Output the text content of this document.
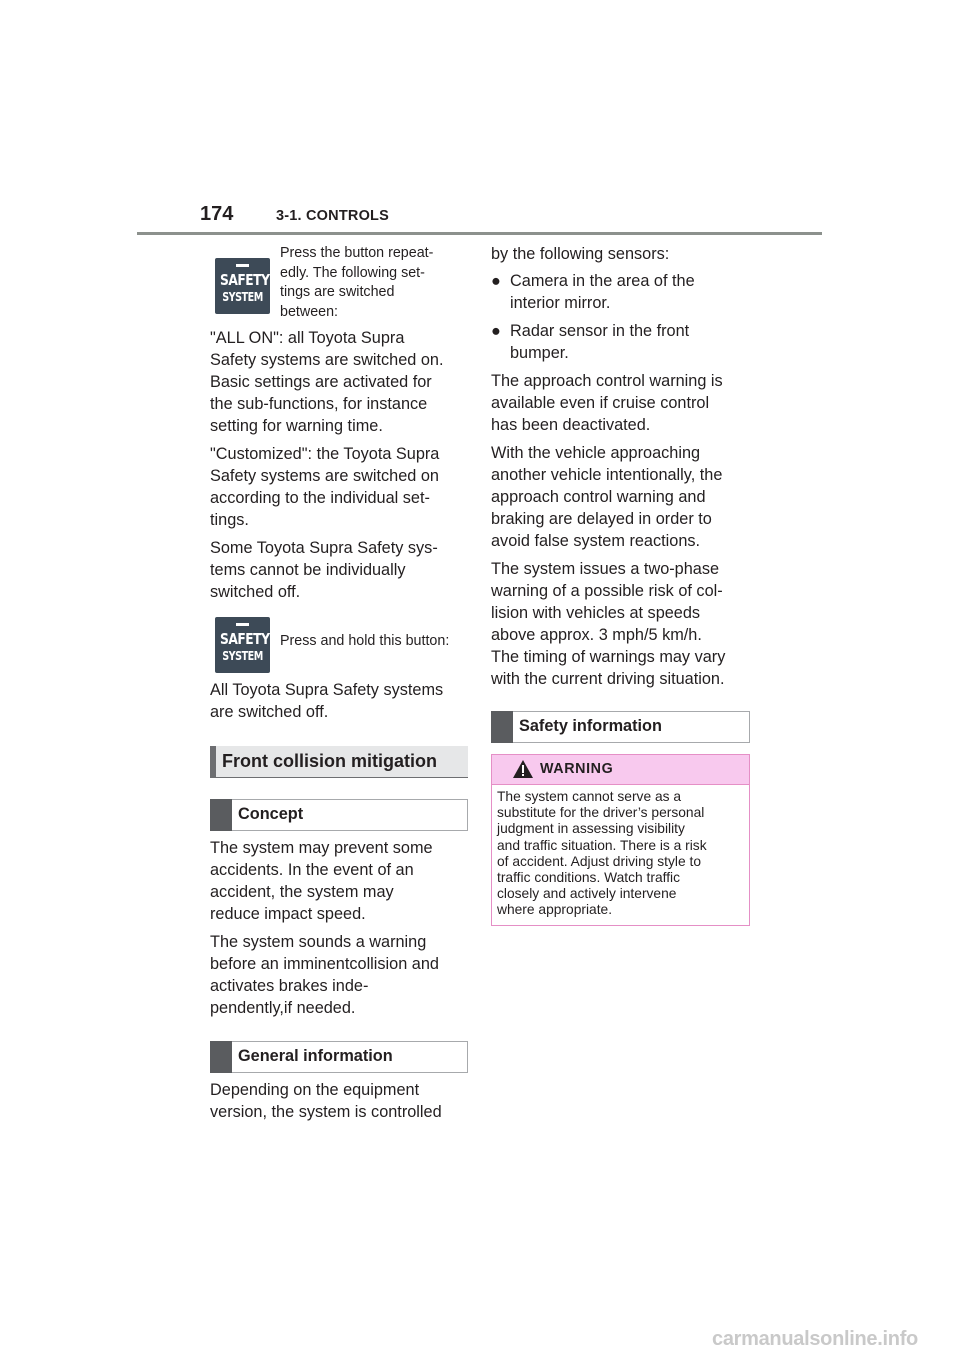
174	3-1. CONTROLS
SAFETY
SYSTEM

Press the button repeat-
edly. The following set-
tings are switched
between:

"ALL ON": all Toyota Supra
Safety systems are switched on.
Basic settings are activated for
the sub-functions, for instance
setting for warning time.

"Customized": the Toyota Supra
Safety systems are switched on
according to the individual set-
tings.

Some Toyota Supra Safety sys-
tems cannot be individually
switched off.

SAFETY
SYSTEM

Press and hold this button:

All Toyota Supra Safety systems
are switched off.

Front collision mitigation
Concept

The system may prevent some
accidents. In the event of an
accident, the system may
reduce impact speed.

The system sounds a warning
before an imminentcollision and
activates brakes inde-
pendently,if needed.

General information

Depending on the equipment
version, the system is controlled

by the following sensors:

● Camera in the area of the
interior mirror.
● Radar sensor in the front
bumper.

The approach control warning is
available even if cruise control
has been deactivated.

With the vehicle approaching
another vehicle intentionally, the
approach control warning and
braking are delayed in order to
avoid false system reactions.

The system issues a two-phase
warning of a possible risk of col-
lision with vehicles at speeds
above approx. 3 mph/5 km/h.
The timing of warnings may vary
with the current driving situation.

Safety information
WARNING

The system cannot serve as a
substitute for the driver’s personal
judgment in assessing visibility
and traffic situation. There is a risk
of accident. Adjust driving style to
traffic conditions. Watch traffic
closely and actively intervene
where appropriate.

carmanualsonline.info
